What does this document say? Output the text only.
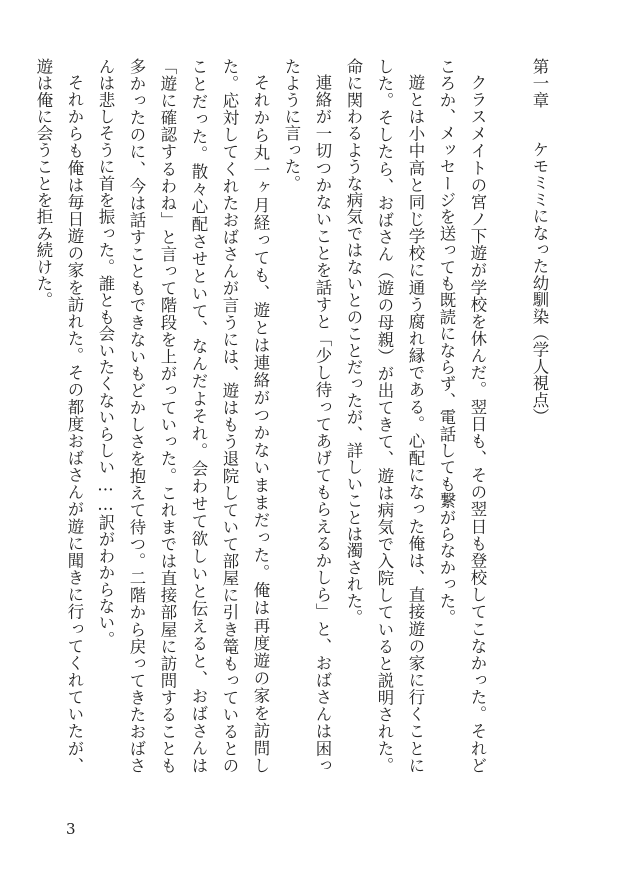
第一章ケモミミになった幼馴染（学人視点）

クラスメイトの宮ノ下遊が学校を休んだ。翌日も、その翌日も登校してこなかった。それどころか、メッセージを送っても既読にならず、電話しても繋がらなかった。

遊とは小中高と同じ学校に通う腐れ縁である。心配になった俺は、直接遊の家に行くことにした。そしたら、おばさん（遊の母親）が出てきて、遊は病気で入院していると説明された。命に関わるような病気ではないとのことだったが、詳しいことは濁された。

連絡が一切つかないことを話すと「少し待ってあげてもらえるかしら」と、おばさんは困ったように言った。

それから丸一ヶ月経っても、遊とは連絡がつかないままだった。俺は再度遊の家を訪問した。応対してくれたおばさんが言うには、遊はもう退院していて部屋に引き篭もっているとのことだった。散々心配させといて、なんだよそれ。会わせて欲しいと伝えると、おばさんは「遊に確認するわね」と言って階段を上がっていった。これまでは直接部屋に訪問することも多かったのに、今は話すこともできないもどかしさを抱えて待つ。二階から戻ってきたおばさんは悲しそうに首を振った。誰とも会いたくないらしい……訳がわからない。

それからも俺は毎日遊の家を訪れた。その都度おばさんが遊に聞きに行ってくれていたが、遊は俺に会うことを拒み続けた。

3
